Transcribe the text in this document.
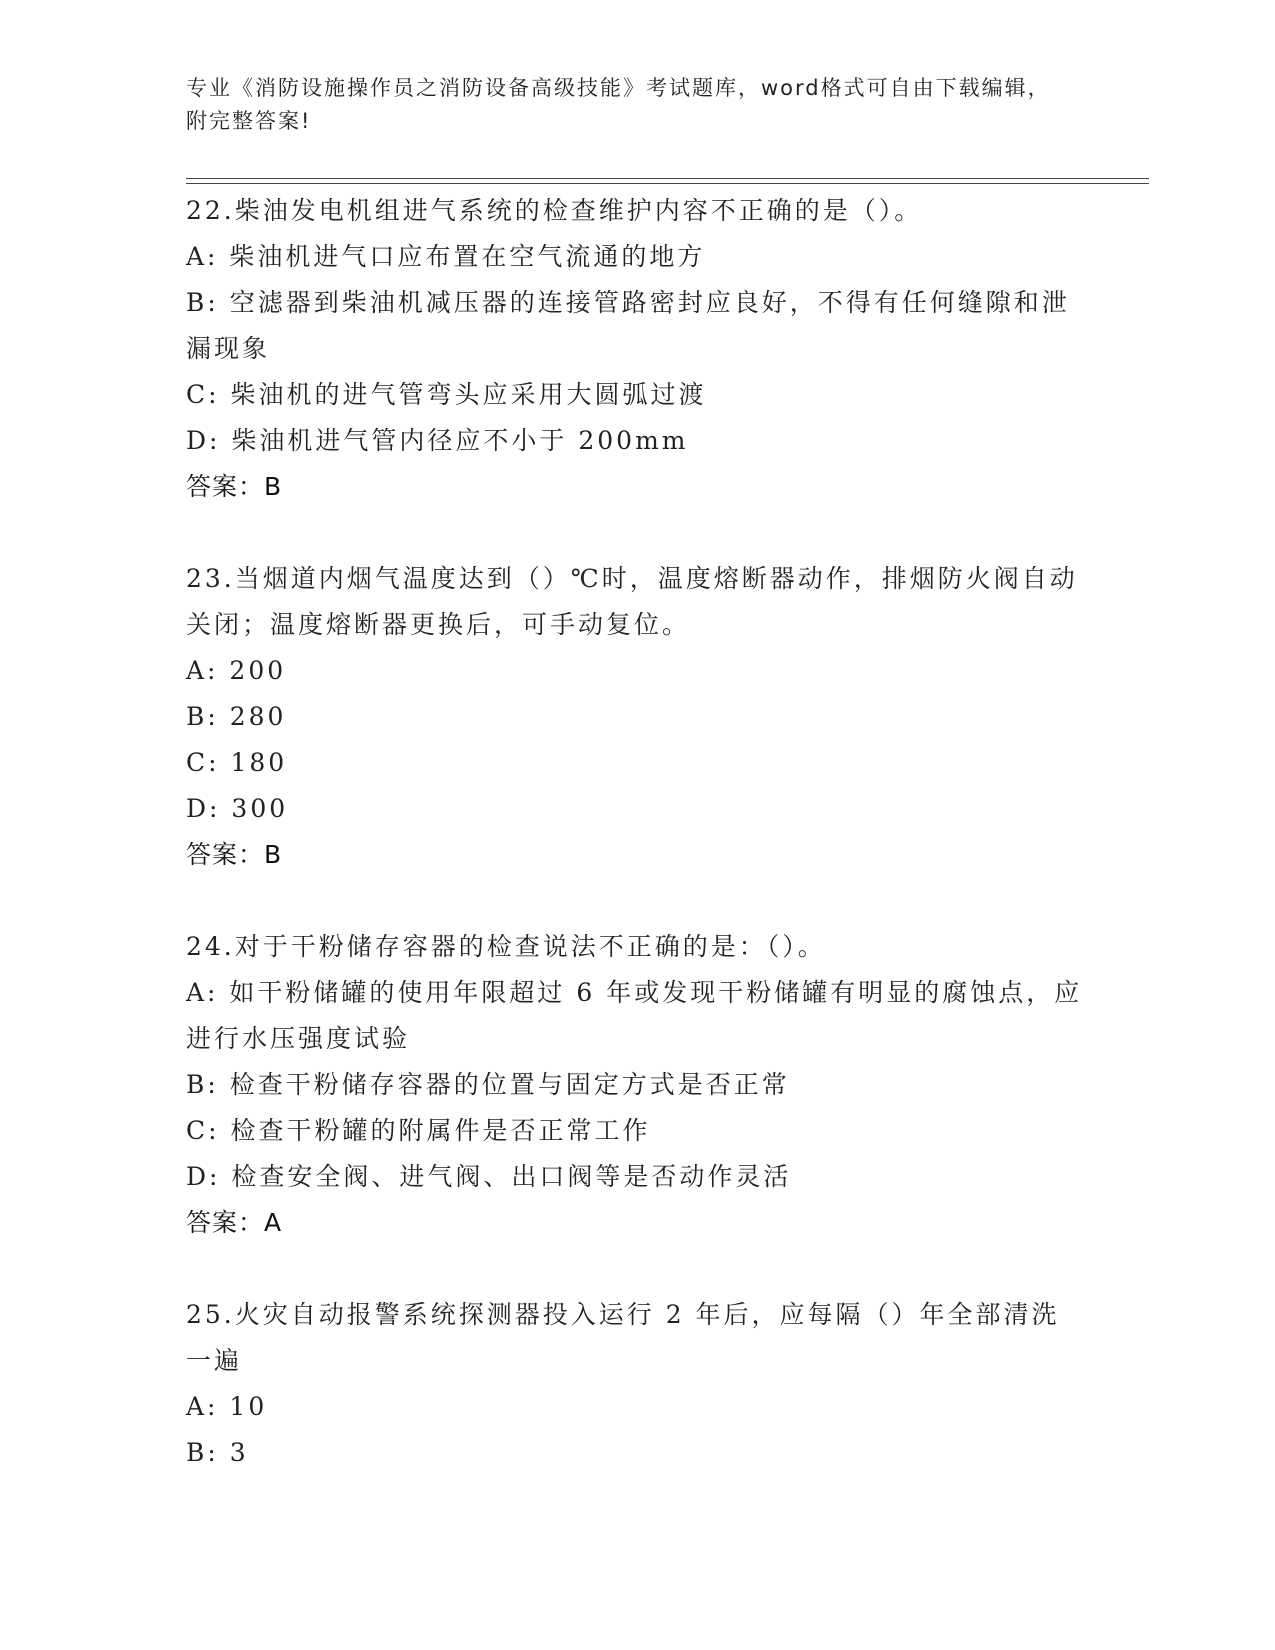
专业《消防设施操作员之消防设备高级技能》考试题库，word格式可自由下载编辑，附完整答案!
22.柴油发电机组进气系统的检查维护内容不正确的是（）。
A: 柴油机进气口应布置在空气流通的地方
B: 空滤器到柴油机减压器的连接管路密封应良好，不得有任何缝隙和泄漏现象
C: 柴油机的进气管弯头应采用大圆弧过渡
D: 柴油机进气管内径应不小于 200mm
答案：B
23.当烟道内烟气温度达到（）℃时，温度熔断器动作，排烟防火阀自动关闭；温度熔断器更换后，可手动复位。
A: 200
B: 280
C: 180
D: 300
答案：B
24.对于干粉储存容器的检查说法不正确的是：（）。
A: 如干粉储罐的使用年限超过 6 年或发现干粉储罐有明显的腐蚀点，应进行水压强度试验
B: 检查干粉储存容器的位置与固定方式是否正常
C: 检查干粉罐的附属件是否正常工作
D: 检查安全阀、进气阀、出口阀等是否动作灵活
答案：A
25.火灾自动报警系统探测器投入运行 2 年后，应每隔（）年全部清洗一遍
A: 10
B: 3
